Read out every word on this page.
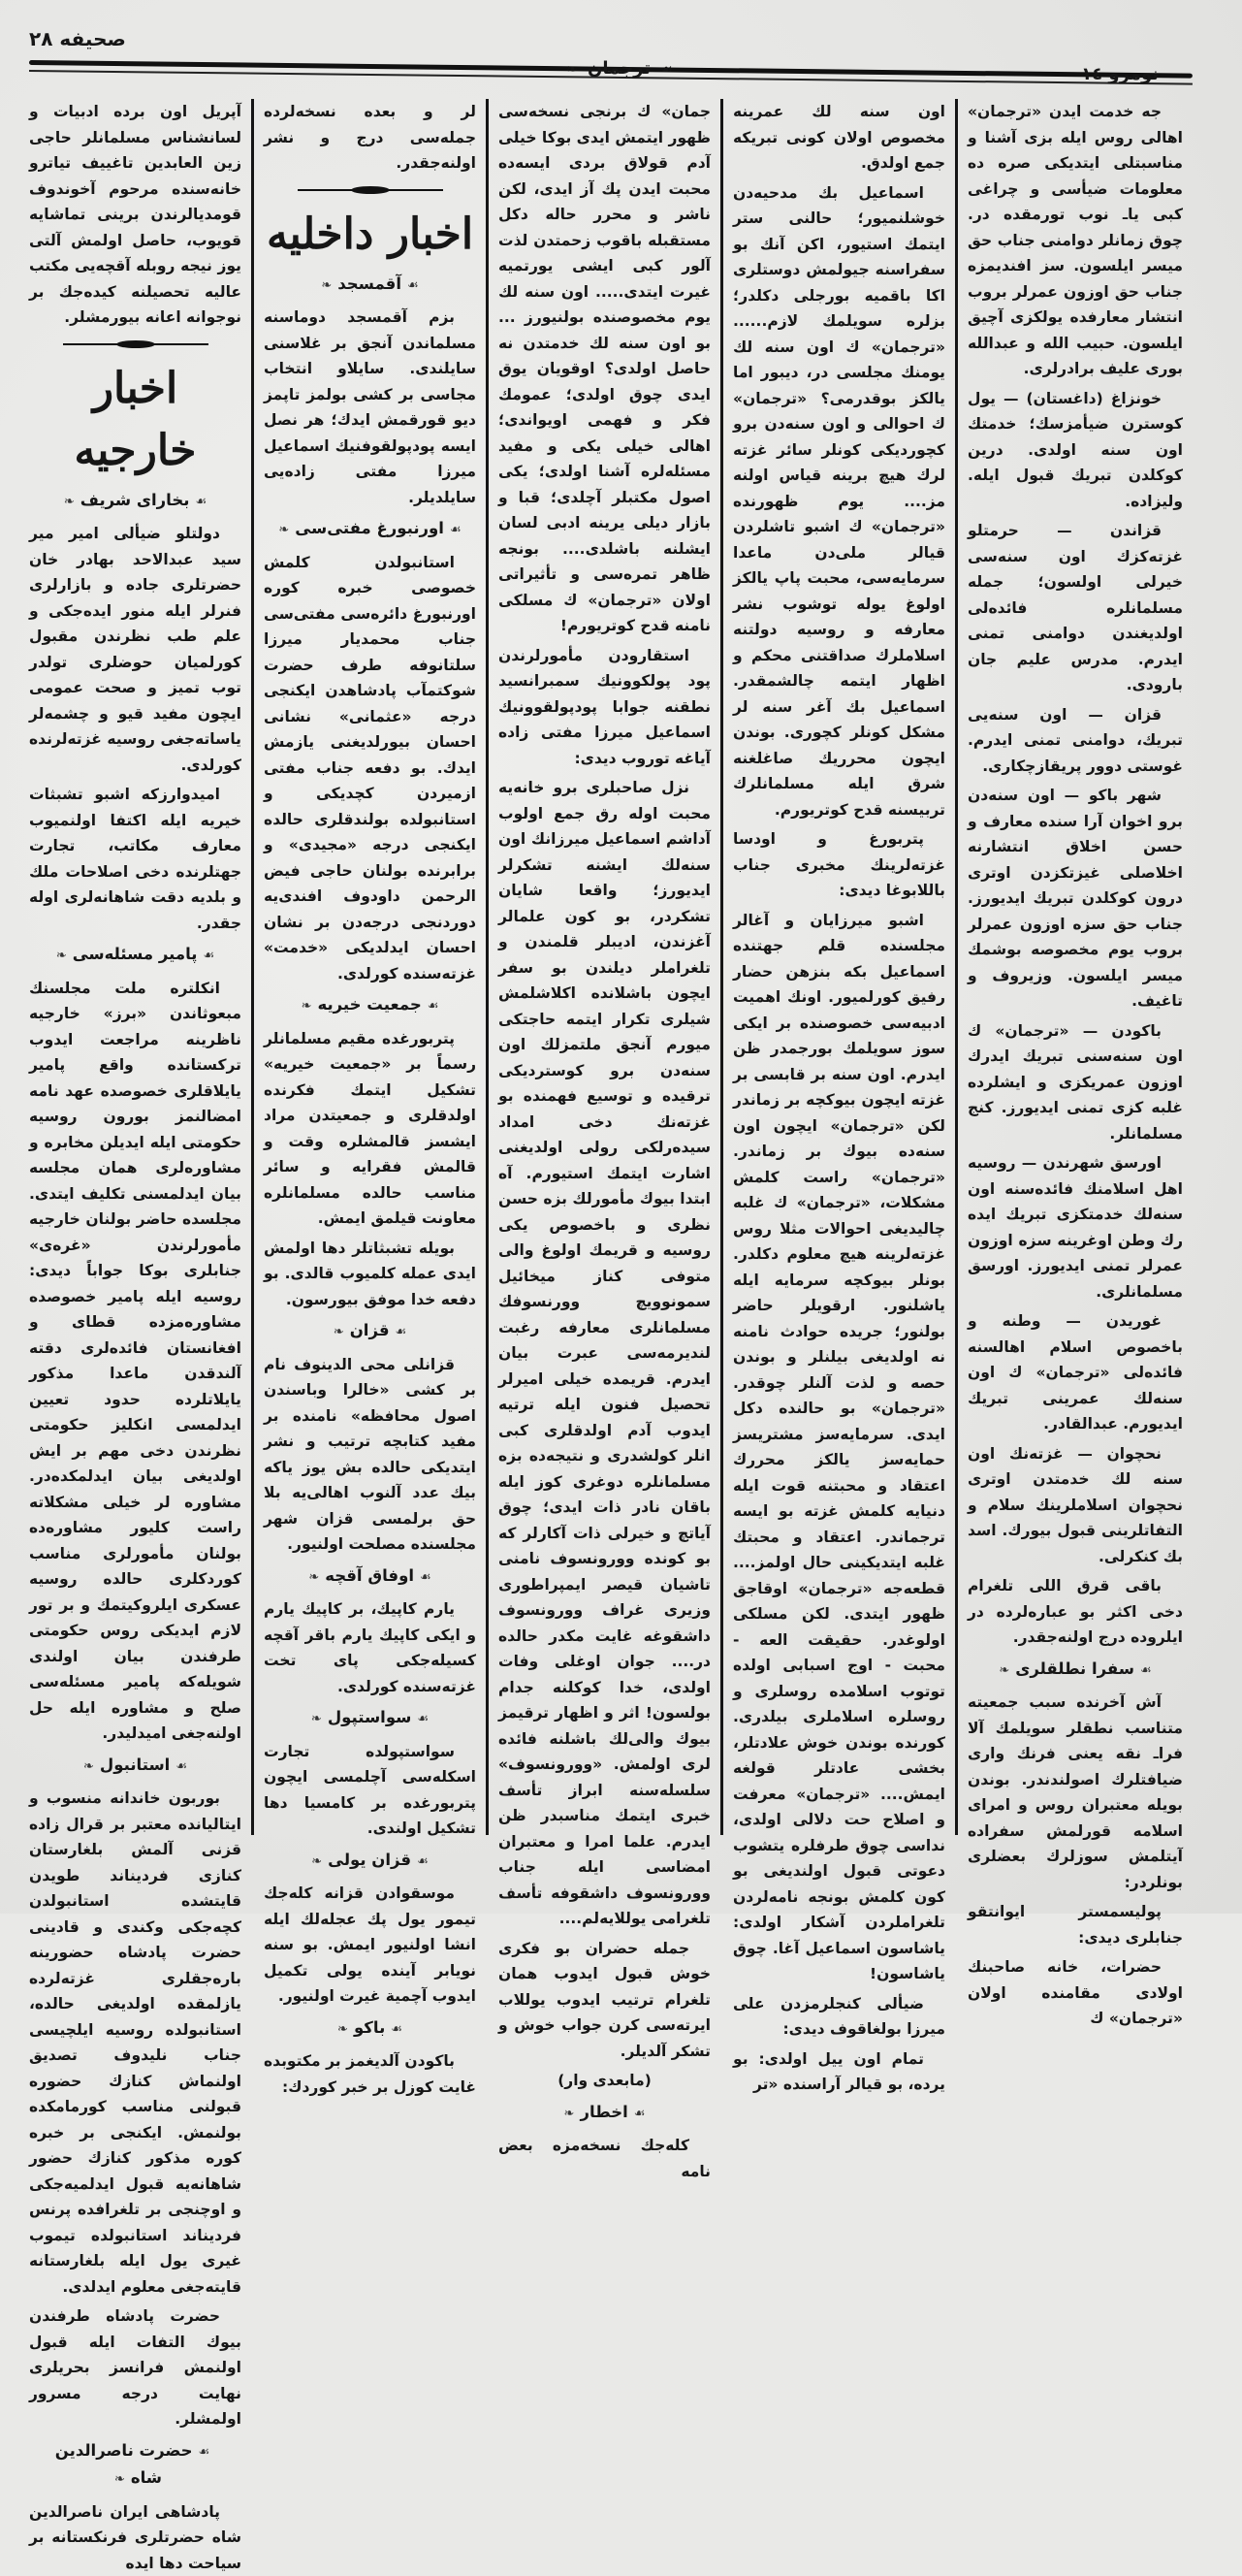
صحيفه ۲۸
☙ ترجمان ❧	نومرو ١٤

جه خدمت ايدن «ترجمان» اهالی روس ايله بزى آشنا و مناسبتلی ايتديكى صره ده معلومات ضيأسى و چراغى كبى ياـ نوب تورمقده در. چوق زمانلر دوامنى جناب حق ميسر ايلسون. سز افنديمزه جناب حق اوزون عمرلر بروب انتشار معارفده يولكزى آچيق ايلسون. حبيب الله و عبدالله بورى عليف برادرلرى.

خونزاغ (داغستان) — يول كوسترن ضيأمزسك؛ خدمتك اون سنه اولدى. درين كوكلدن تبريك قبول ايله. وليزاده.

قزاندن — حرمتلو غزته‌كزك اون سنه‌سى خيرلى اولسون؛ جمله مسلمانلره فائده‌لى اولديغندن دوامنى تمنى ايدرم. مدرس عليم جان بارودى.

قزان — اون سنه‌يى تبريك، دوامنى تمنى ايدرم. غوستى دوور پريقازچكارى.

شهر باكو — اون سنه‌دن برو اخوان آرا سنده معارف و حسن اخلاق انتشارنه اخلاصلى غيزتكزدن اوترى درون كوكلدن تبريك ايديورز. جناب حق سزه اوزون عمرلر بروب يوم مخصوصه بوشمك ميسر ايلسون. وزيروف و تاغيف.

باكودن — «ترجمان» ك اون سنه‌سنى تبريك ايدرك اوزون عمريكزى و ايشلرده غلبه كزى تمنى ايديورز. كنج مسلمانلر.

اورسق شهرندن — روسيه اهل اسلامنك فائده‌سنه اون سنه‌لك خدمتكزى تبريك ايده رك وطن اوغرينه سزه اوزون عمرلر تمنى ايديورز. اورسق مسلمانلرى.

غوريدن — وطنه و باخصوص اسلام اهالسنه فائده‌لى «ترجمان» ك اون سنه‌لك عمرينى تبريك ايديورم. عبدالقادر.

نحچوان — غزته‌نك اون سنه لك خدمتدن اوترى نحچوان اسلاملرينك سلام و التفاتلرينى قبول بيورك. اسد بك كنكرلى.

باقى قرق اللى تلغرام دخى اكثر بو عباره‌لرده در ايلروده درج اولنه‌جقدر.

☙سفرا نطلقلرى❧

آش آخرنده سبب جمعيته متناسب نطقلر سويلمك آلا فراـ نقه يعنى فرنك وارى ضيافتلرك اصولندندر. بوندن بويله معتبران روس و امراى اسلامه قورلمش سفراده آيتلمش سوزلرك بعضلرى بونلردر:

پوليسمستر ايوانتقو جنابلرى ديدى:

حضرات، خانه صاحبنك اولادى مقامنده اولان «ترجمان» ك

اون سنه لك عمرينه مخصوص اولان كونى تبريكه جمع اولدق.

اسماعيل بك مدحيه‌دن خوشلنميور؛ حالنى ستر ايتمك استيور، اكن آنك بو سفراسنه جيولمش دوستلرى اكا باقميه بورجلى دكلدر؛ بزلره سويلمك لازم...... «ترجمان» ك اون سنه لك يومنك مجلسى در، ديبور اما يالكز بوقدرمى؟ «ترجمان» ك احوالى و اون سنه‌دن برو كچورديكى كونلر سائر غزته لرك هيچ برينه قياس اولنه مز.... يوم ظهورنده «ترجمان» ك اشبو تاشلردن قيالر ملى‌دن ماعدا سرمايه‌سى، محبت پاپ يالكز اولوغ يوله توشوب نشر معارفه و روسيه دولتنه اسلاملرك صداقتنى محكم و اظهار ايتمه چالشمقدر. اسماعيل بك آغر سنه لر مشكل كونلر كچورى. بوندن ايچون محرريك صاغلغنه شرق ايله مسلمانلرك تربيسنه قدح كوتريورم.

پتربورغ و اودسا غزته‌لرينك مخبرى جناب باللابوغا ديدى:

اشبو ميرزايان و آغالر مجلسنده قلم جهتنده اسماعيل بكه بنزهن حضار رفيق كورلميور. اونك اهميت ادبيه‌سى خصوصنده بر ايكى سوز سويلمك بورجمدر ظن ايدرم. اون سنه بر قابسى بر غزته ايچون بيوكچه بر زماندر لكن «ترجمان» ايچون اون سنه‌ده بيوك بر زماندر. «ترجمان» راست كلمش مشكلات، «ترجمان» ك غلبه چاليديغى احوالات مثلا روس غزته‌لرينه هيچ معلوم دكلدر. بونلر بيوكچه سرمايه ايله ياشلنور. ارقويلر حاضر بولنور؛ جريده حوادث نامنه نه اولديغى بيلنلر و بوندن حصه و لذت آلنلر چوقدر. «ترجمان» بو حالنده دكل ايدى. سرمايه‌سز مشتريسز حمايه‌سز يالكز محررك اعتقاد و محبتنه قوت ايله دنيايه كلمش غزته بو ايسه ترجماندر. اعتقاد و محبتك غلبه ايتديكينى حال اولمز.... قطعه‌جه «ترجمان» اوقاجق ظهور ايتدى. لكن مسلكى اولوغدر. حقيقت العه - محبت - اوج اسبابى اولده توتوب اسلامده روسلرى و روسلره اسلاملرى بيلدرى. كورنده بوندن خوش علادتلر، بخشى عادتلر قولغه ايمش.... «ترجمان» معرفت و اصلاح حت دلالى اولدى، نداسى چوق طرفلره يتشوب دعوتى قبول اولنديغى بو كون كلمش بونجه نامه‌لردن تلغراملردن آشكار اولدى: ياشاسون اسماعيل آغا. چوق ياشاسون!

ضيألى كنجلرمزدن على ميرزا بولغاقوف ديدى:

تمام اون ييل اولدى: بو يرده، بو قيالر آراسنده «تر

جمان» ك برنجى نسخه‌سى ظهور ايتمش ايدى بوكا خيلى آدم قولاق بردى ايسه‌ده محبت ايدن پك آز ايدى، لكن ناشر و محرر حاله دكل مستقبله باقوب زحمتدن لذت آلور كبى ايشى يورتميه غيرت ايتدى..... اون سنه لك يوم مخصوصنده بولنيورز ... بو اون سنه لك خدمتدن نه حاصل اولدى؟ اوقويان يوق ايدى چوق اولدى؛ عمومك فكر و فهمى اويواندى؛ اهالى خيلى يكى و مفيد مسئله‌لره آشنا اولدى؛ يكى اصول مكتبلر آچلدى؛ قبا و بازار ديلى يرينه ادبى لسان ايشلنه باشلدى.... بونجه ظاهر تمره‌سى و تأثيراتى اولان «ترجمان» ك مسلكى نامنه قدح كوتريورم!

استقارودن مأمورلرندن پود پولكوونيك سمبرانسيد نطقنه جوابا پودپولقوونيك اسماعيل ميرزا مفتى زاده آياغه توروب ديدى:

نزل صاحبلرى برو خانه‌يه محبت اوله رق جمع اولوب آداشم اسماعيل ميرزانك اون سنه‌لك ايشنه تشكرلر ايديورز؛ واقعا شايان تشكردر، بو كون علمالر آغزندن، اديبلر قلمندن و تلغراملر ديلندن بو سفر ايچون باشلانده اكلاشلمش شيلرى تكرار ايتمه حاجتكى ميورم آنجق ملتمزلك اون سنه‌دن برو كوسترديكى ترقيده و توسيع فهمنده بو غزته‌نك دخى امداد سيده‌رلكى رولى اولديغنى اشارت ايتمك استيورم. آه ابتدا بيوك مأمورلك بزه حسن نظرى و باخصوص يكى روسيه و قريمك اولوغ والى متوفى كناز ميخائيل سمونوويچ وورنسوفك مسلمانلرى معارفه رغبت لنديرمه‌سى عبرت بيان ايدرم. قريمده خيلى اميرلر تحصيل فنون ايله ترتيه ايدوب آدم اولدقلرى كبى انلر كولشدرى و نتيجه‌ده بزه مسلمانلره دوغرى كوز ايله باقان نادر ذات ايدى؛ چوق آياتچ و خيرلى ذات آكارلر كه بو كونده وورونسوف نامنى تاشيان قيصر ايمپراطورى وزيرى غراف وورونسوف داشقوغه غايت مكدر حالده در.... جوان اوغلى وفات اولدى، خدا كوكلنه جدام بولسون! اثر و اظهار ترقيمز بيوك والى‌لك باشلنه فائده لرى اولمش. «وورونسوف» سلسله‌سنه ابراز تأسف خبرى ايتمك مناسبدر ظن ايدرم. علما امرا و معتبران امضاسى ايله جناب وورونسوف داشقوفه تأسف تلغرامى يوللايه‌لم....

جمله حضران بو فكرى خوش قبول ايدوب همان تلغرام ترتيب ايدوب يوللاب ايرته‌سى كرن جواب خوش و تشكر آلديلر.

(مابعدى وار)

☙اخطار❧

كله‌جك نسخه‌مزه بعض نامه

لر و بعده نسخه‌لرده جمله‌سى درج و نشر اولنه‌جقدر.

اخبار داخليه
☙آقمسجد❧

بزم آقمسجد دوماسنه مسلماندن آنجق بر غلاسنى سايلندى. سايلاو انتخاب مجاسى بر كشى بولمز تاپمز ديو قورقمش ايدك؛ هر نصل ايسه پودپولقوفنيك اسماعيل ميرزا مفتى زاده‌يى سايلديلر.

☙اورنبورغ مفتى‌سى❧

استانبولدن كلمش خصوصى خبره كوره اورنبورغ دائره‌سى مفتى‌سى جناب محمديار ميرزا سلتانوفه طرف حضرت شوكتمآب پادشاهدن ايكنجى درجه «عثمانى» نشانى احسان بيورلديغنى يازمش ايدك. بو دفعه جناب مفتى ازميردن كچديكى و استانبولده بولندقلرى حالده ايكنجى درجه «مجيدى» و برابرنده بولنان حاجى فيض الرحمن داودوف افندى‌يه دوردنجى درجه‌دن بر نشان احسان ايدلديكى «خدمت» غزته‌سنده كورلدى.

☙جمعيت خيريه❧

پتربورغده مقيم مسلمانلر رسماً بر «جمعيت خيريه» تشكيل ايتمك فكرنده اولدقلرى و جمعيتدن مراد ايشسز قالمشلره وقت و قالمش فقرايه و سائر مناسب حالده مسلمانلره معاونت قيلمق ايمش.

بويله تشبثاتلر دها اولمش ايدى عمله كلميوب قالدى. بو دفعه خدا موفق بيورسون.

☙قزان❧

قزانلى محى الدينوف نام بر كشى «خالرا وباسندن اصول محافظه» نامنده بر مفيد كتابچه ترتيب و نشر ايتديكى حالده بش يوز ياكه بيك عدد آلنوب اهالى‌يه بلا حق برلمسى قزان شهر مجلسنده مصلحت اولنيور.

☙اوفاق آقچه❧

يارم كاپيك، بر كاپيك يارم و ايكى كاپيك يارم باقر آقچه كسيله‌جكى پاى تخت غزته‌سنده كورلدى.

☙سواستپول❧

سواستپولده تجارت اسكله‌سى آچلمسى ايچون پتربورغده بر كامسيا دها تشكيل اولندى.

☙قزان يولى❧

موسقوادن قزانه كله‌جك تيمور يول پك عجله‌لك ايله انشا اولنيور ايمش. بو سنه نويابر آينده يولى تكميل ايدوب آچمية غيرت اولنيور.

☙باكو❧

باكودن آلديغمز بر مكتوبده غايت كوزل بر خبر كوردك:

آپريل اون برده ادبيات و لسانشناس مسلمانلر حاجى زين العابدين تاغييف تياترو خانه‌سنده مرحوم آخوندوف قومديالرندن برينى تماشايه قويوب، حاصل اولمش آلتى يوز نيجه روبله آقچه‌يى مكتب عاليه تحصيلنه كيده‌جك بر نوجوانه اعانه بيورمشلر.

اخبار خارجيه
☙بخاراى شريف❧

دولتلو ضيألى امير مير سيد عبدالاحد بهادر خان حضرتلرى جاده و بازارلرى فنرلر ايله منور ايده‌جكى و علم طب نظرندن مقبول كورلميان حوضلرى تولدر توب تميز و صحت عمومى ايچون مفيد قيو و چشمه‌لر ياساته‌جغى روسيه غزته‌لرنده كورلدى.

اميدوارزكه اشبو تشبثات خيريه ايله اكتفا اولنميوب معارف مكاتب، تجارت جهتلرنده دخى اصلاحات ملك و بلديه دقت شاهانه‌لرى اوله جقدر.

☙پامير مسئله‌سى❧

انكلتره ملت مجلسنك مبعوثاندن «برز» خارجيه ناظرينه مراجعت ايدوب تركستانده واقع پامير يايلاقلرى خصوصده عهد نامه امضالنمز بورون روسيه حكومتى ايله ايديلن مخابره و مشاوره‌لرى همان مجلسه بيان ايدلمسنى تكليف ايتدى. مجلسده حاضر بولنان خارجيه مأمورلرندن «غره‌ى» جنابلرى بوكا جواباً ديدى: روسيه ايله پامير خصوصده مشاوره‌مزده قطاى و افغانستان فائده‌لرى دقته آلندقدن ماعدا مذكور يايلاتلرده حدود تعيين ايدلمسى انكليز حكومتى نظرندن دخى مهم بر ايش اولديغى بيان ايدلمكده‌در. مشاوره لر خيلى مشكلاته راست كليور مشاوره‌ده بولنان مأمورلرى مناسب كوردكلرى حالده روسيه عسكرى ايلروكيتمك و بر تور لازم ايديكى روس حكومتى طرفندن بيان اولندى شويله‌كه پامير مسئله‌سى صلح و مشاوره ايله حل اولنه‌جغى اميدليدر.

☙استانبول❧

بوربون خاندانه منسوب و ايتاليانده معتبر بر قرال زاده قزنى آلمش بلغارستان كنازى فرديناند طويدن قايتشده استانبولدن كچه‌جكى وكندى و قادينى حضرت پادشاه حضورينه باره‌جقلرى غزته‌لرده يازلمقده اولديغى حالده، استانبولده روسيه ايلچيسى جناب نليدوف تصديق اولنماش كنازك حضوره قبولنى مناسب كورمامكده بولنمش. ايكنجى بر خبره كوره مذكور كنازك حضور شاهانه‌يه قبول ايدلميه‌جكى و اوچنجى بر تلغرافده پرنس فرديناند استانبولده تيموب غيرى يول ايله بلغارستانه قايته‌جغى معلوم ايدلدى.

حضرت پادشاه طرفندن بيوك التفات ايله قبول اولنمش فرانسز بحريلرى نهايت درجه مسرور اولمشلر.

☙حضرت ناصرالدين شاه❧

پادشاهى ايران ناصرالدين شاه حضرتلرى فرنكستانه بر سياحت دها ايده
